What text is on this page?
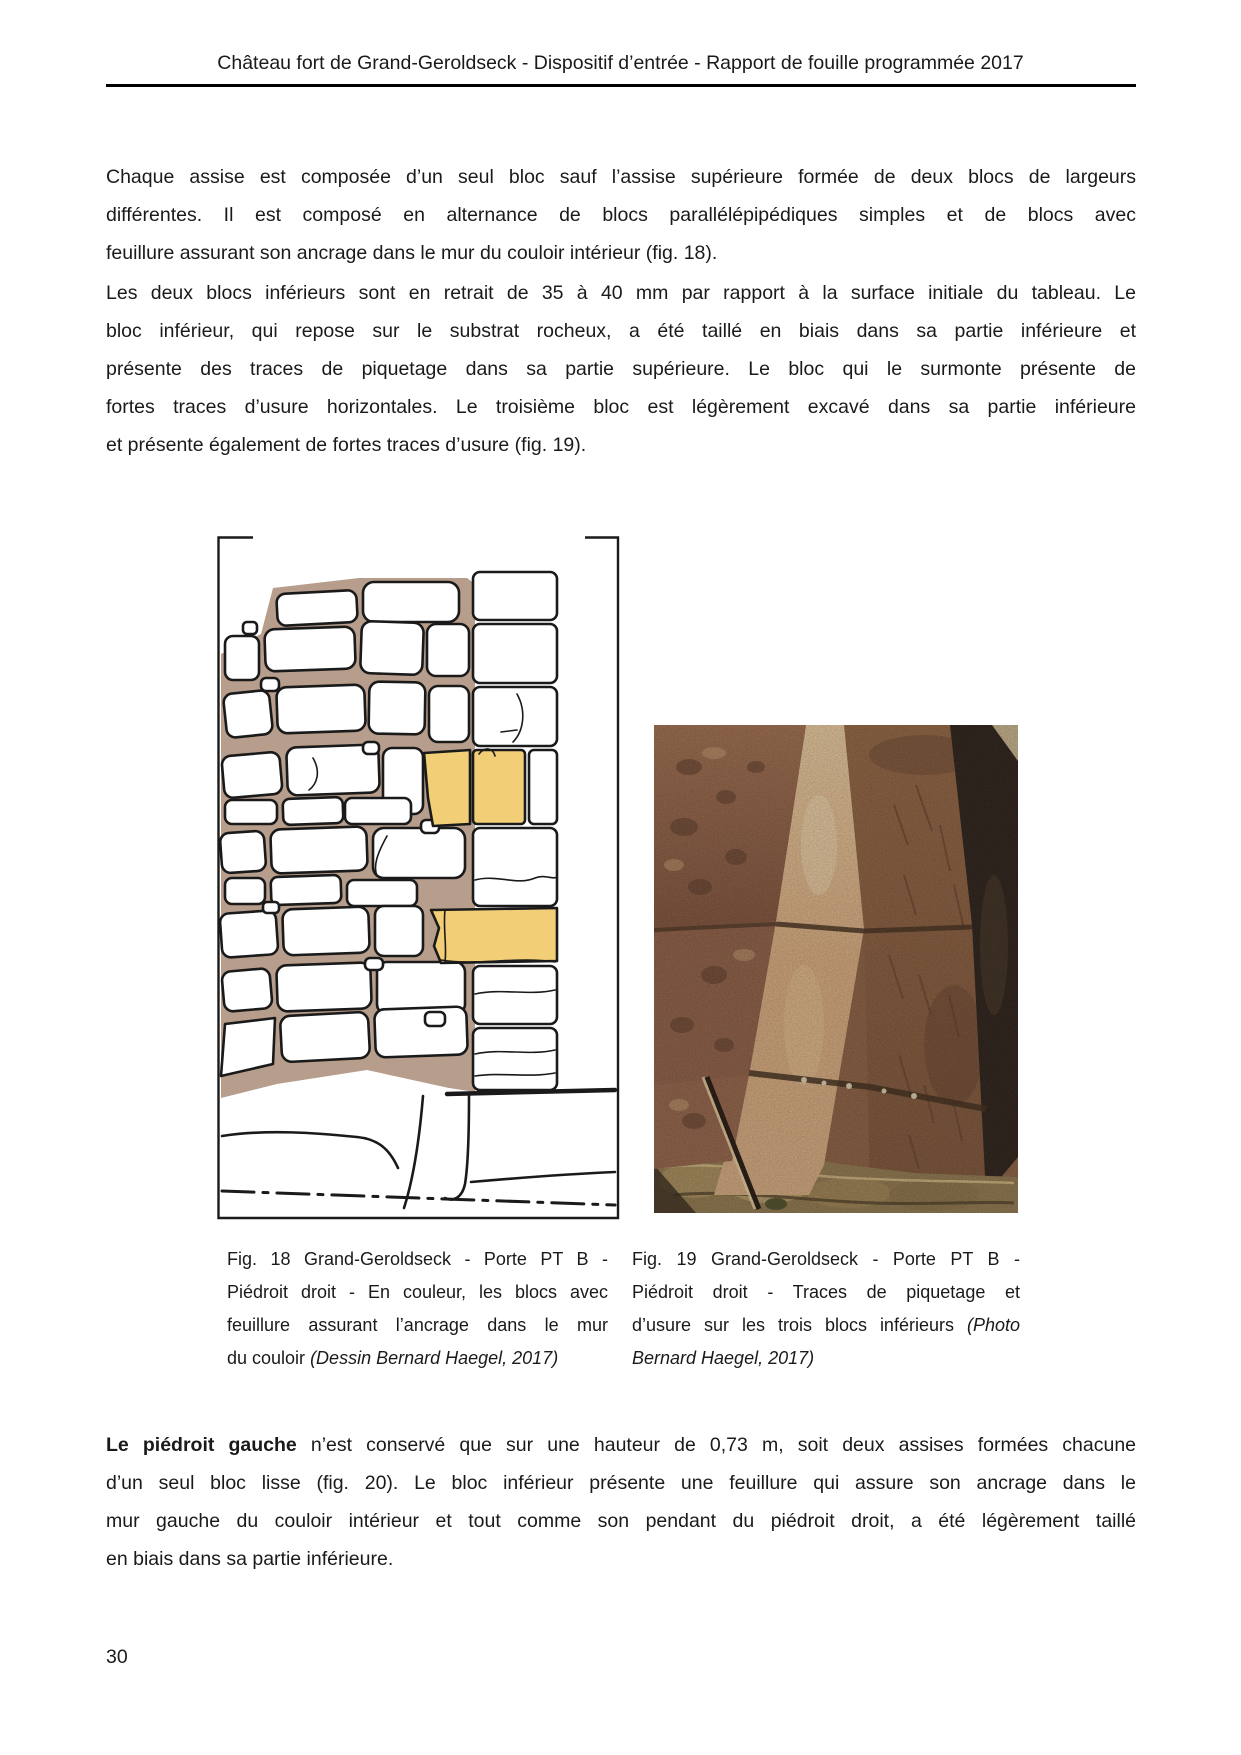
Château fort de Grand-Geroldseck - Dispositif d’entrée - Rapport de fouille programmée 2017
Chaque assise est composée d’un seul bloc sauf l’assise supérieure formée de deux blocs de largeurs
différentes. Il est composé en alternance de blocs parallélépipédiques simples et de blocs avec
feuillure assurant son ancrage dans le mur du couloir intérieur (fig. 18).
Les deux blocs inférieurs sont en retrait de 35 à 40 mm par rapport à la surface initiale du tableau. Le
bloc inférieur, qui repose sur le substrat rocheux, a été taillé en biais dans sa partie inférieure et
présente des traces de piquetage dans sa partie supérieure. Le bloc qui le surmonte présente de
fortes traces d’usure horizontales. Le troisième bloc est légèrement excavé dans sa partie inférieure
et présente également de fortes traces d’usure (fig. 19).
Fig. 18 Grand-Geroldseck - Porte PT B -
Piédroit droit - En couleur, les blocs avec
feuillure assurant l’ancrage dans le mur
du couloir (Dessin Bernard Haegel, 2017)
Fig. 19 Grand-Geroldseck - Porte PT B -
Piédroit droit - Traces de piquetage et
d’usure sur les trois blocs inférieurs (Photo
Bernard Haegel, 2017)
Le piédroit gauche n’est conservé que sur une hauteur de 0,73 m, soit deux assises formées chacune
d’un seul bloc lisse (fig. 20). Le bloc inférieur présente une feuillure qui assure son ancrage dans le
mur gauche du couloir intérieur et tout comme son pendant du piédroit droit, a été légèrement taillé
en biais dans sa partie inférieure.
30
